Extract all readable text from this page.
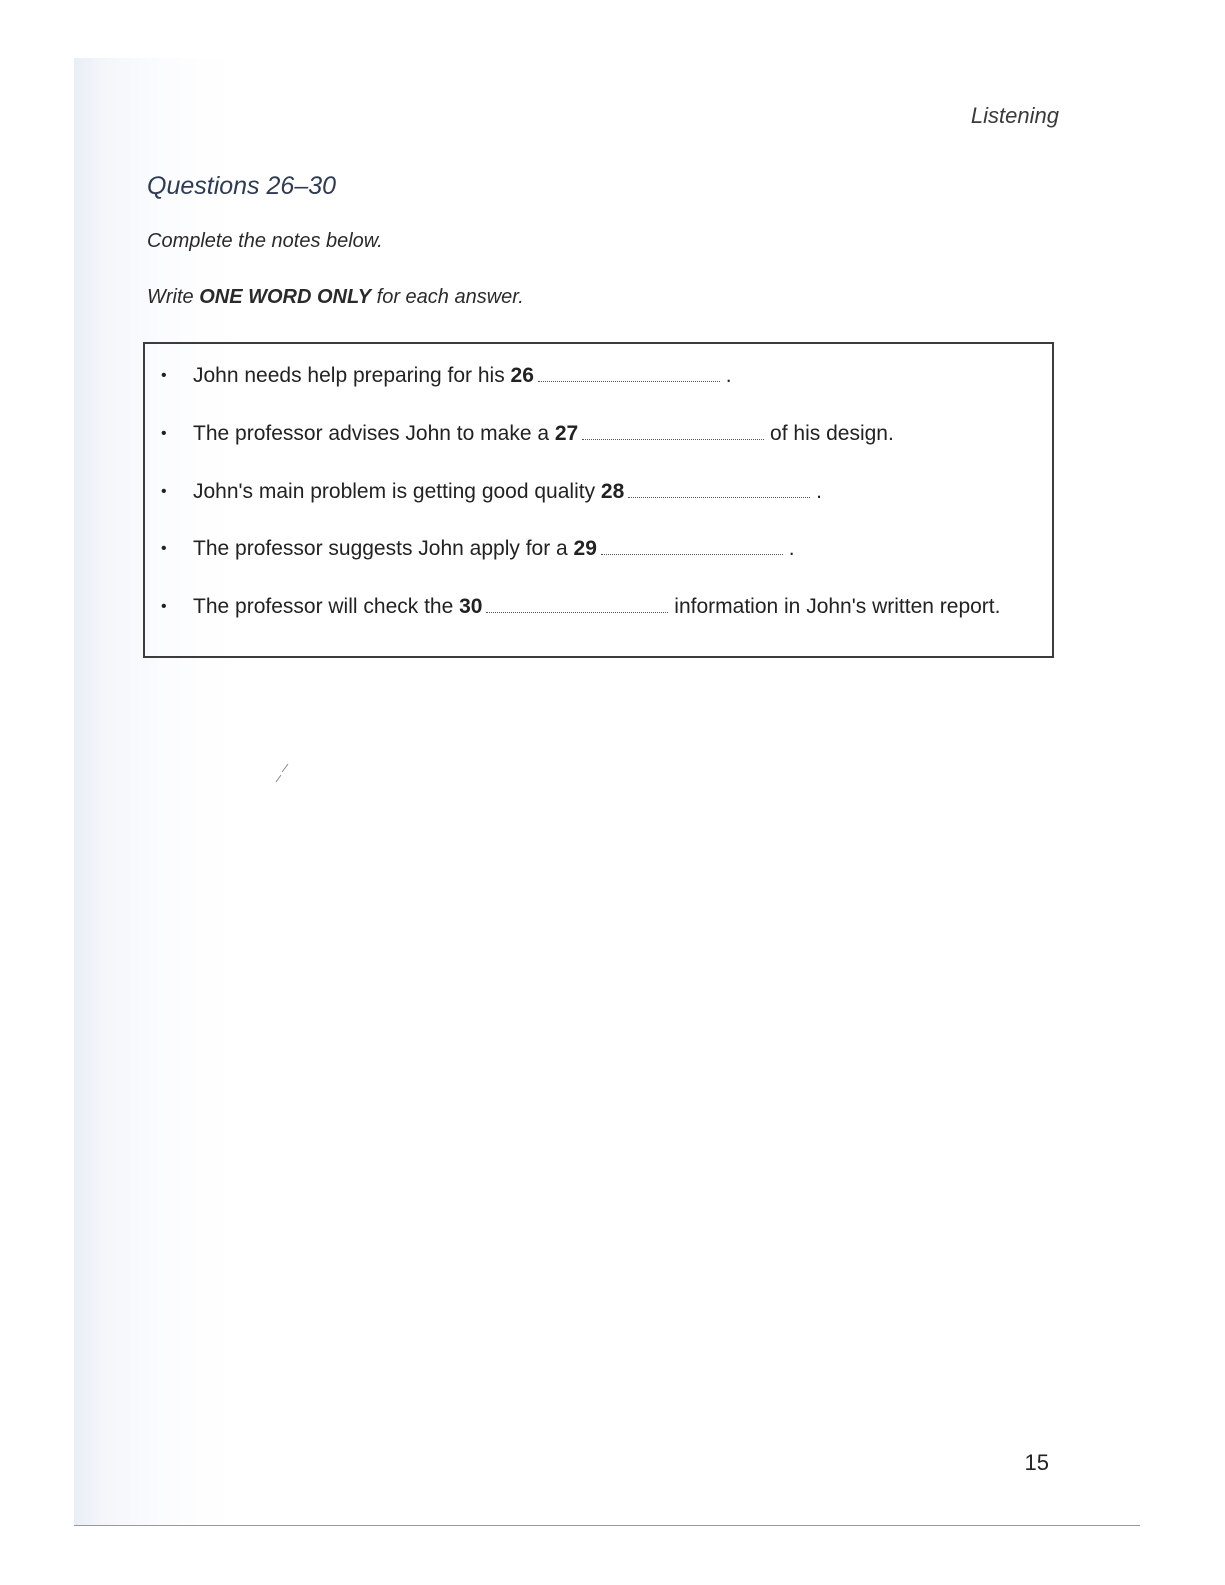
Listening
Questions 26–30
Complete the notes below.
Write ONE WORD ONLY for each answer.
• John needs help preparing for his 26	.
• The professor advises John to make a 27	of his design.
• John's main problem is getting good quality 28	.
• The professor suggests John apply for a 29	.
• The professor will check the 30	information in John's written report.
15
